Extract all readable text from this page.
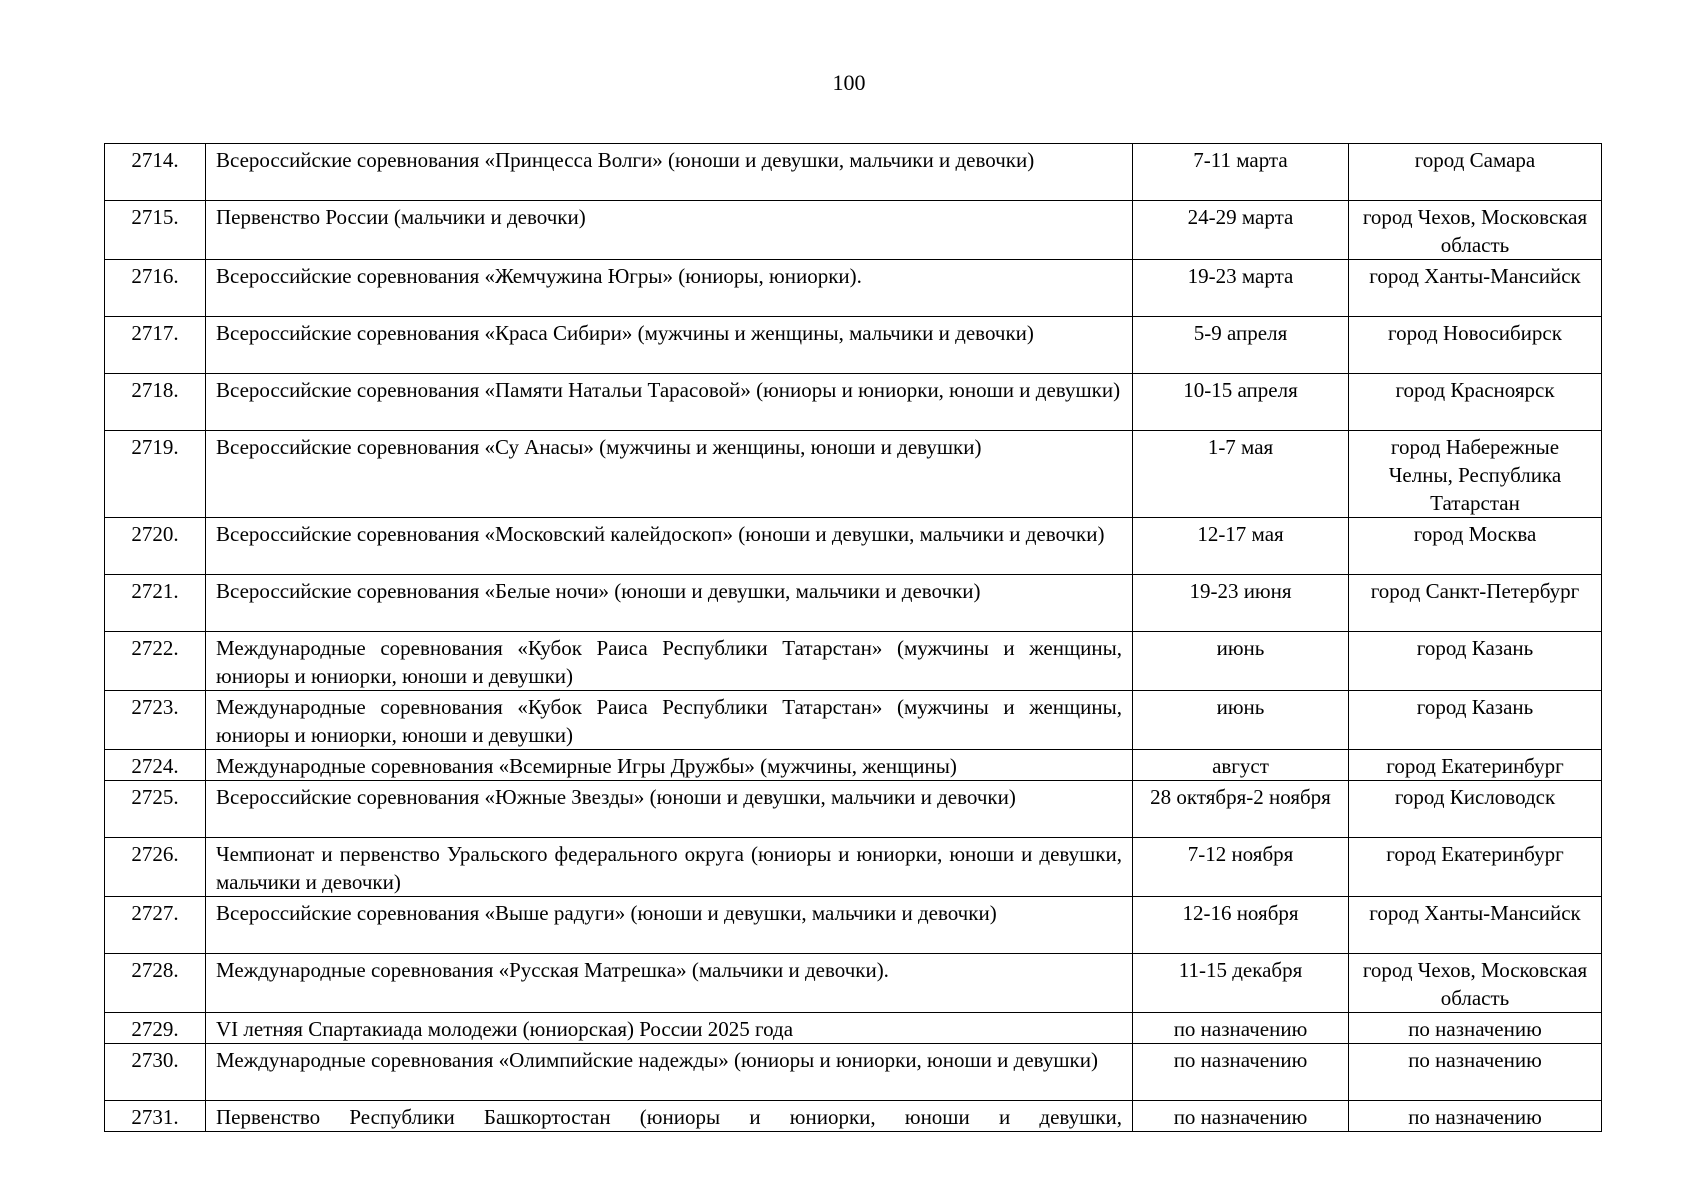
100
2714.	Всероссийские соревнования «Принцесса Волги» (юноши и девушки, мальчики и девочки)	7-11 марта	город Самара
2715.	Первенство России (мальчики и девочки)	24-29 марта	город Чехов, Московская область
2716.	Всероссийские соревнования «Жемчужина Югры» (юниоры, юниорки).	19-23 марта	город Ханты-Мансийск
2717.	Всероссийские соревнования «Краса Сибири» (мужчины и женщины, мальчики и девочки)	5-9 апреля	город Новосибирск
2718.	Всероссийские соревнования «Памяти Натальи Тарасовой» (юниоры и юниорки, юноши и девушки)	10-15 апреля	город Красноярск
2719.	Всероссийские соревнования «Су Анасы» (мужчины и женщины, юноши и девушки)	1-7 мая	город Набережные Челны, Республика Татарстан
2720.	Всероссийские соревнования «Московский калейдоскоп» (юноши и девушки, мальчики и девочки)	12-17 мая	город Москва
2721.	Всероссийские соревнования «Белые ночи» (юноши и девушки, мальчики и девочки)	19-23 июня	город Санкт-Петербург
2722.	Международные соревнования «Кубок Раиса Республики Татарстан» (мужчины и женщины, юниоры и юниорки, юноши и девушки)	июнь	город Казань
2723.	Международные соревнования «Кубок Раиса Республики Татарстан» (мужчины и женщины, юниоры и юниорки, юноши и девушки)	июнь	город Казань
2724.	Международные соревнования «Всемирные Игры Дружбы» (мужчины, женщины)	август	город Екатеринбург
2725.	Всероссийские соревнования «Южные Звезды» (юноши и девушки, мальчики и девочки)	28 октября-2 ноября	город Кисловодск
2726.	Чемпионат и первенство Уральского федерального округа (юниоры и юниорки, юноши и девушки, мальчики и девочки)	7-12 ноября	город Екатеринбург
2727.	Всероссийские соревнования «Выше радуги» (юноши и девушки, мальчики и девочки)	12-16 ноября	город Ханты-Мансийск
2728.	Международные соревнования «Русская Матрешка» (мальчики и девочки).	11-15 декабря	город Чехов, Московская область
2729.	VI летняя Спартакиада молодежи (юниорская) России 2025 года	по назначению	по назначению
2730.	Международные соревнования «Олимпийские надежды» (юниоры и юниорки, юноши и девушки)	по назначению	по назначению
2731.	Первенство Республики Башкортостан (юниоры и юниорки, юноши и девушки,	по назначению	по назначению
